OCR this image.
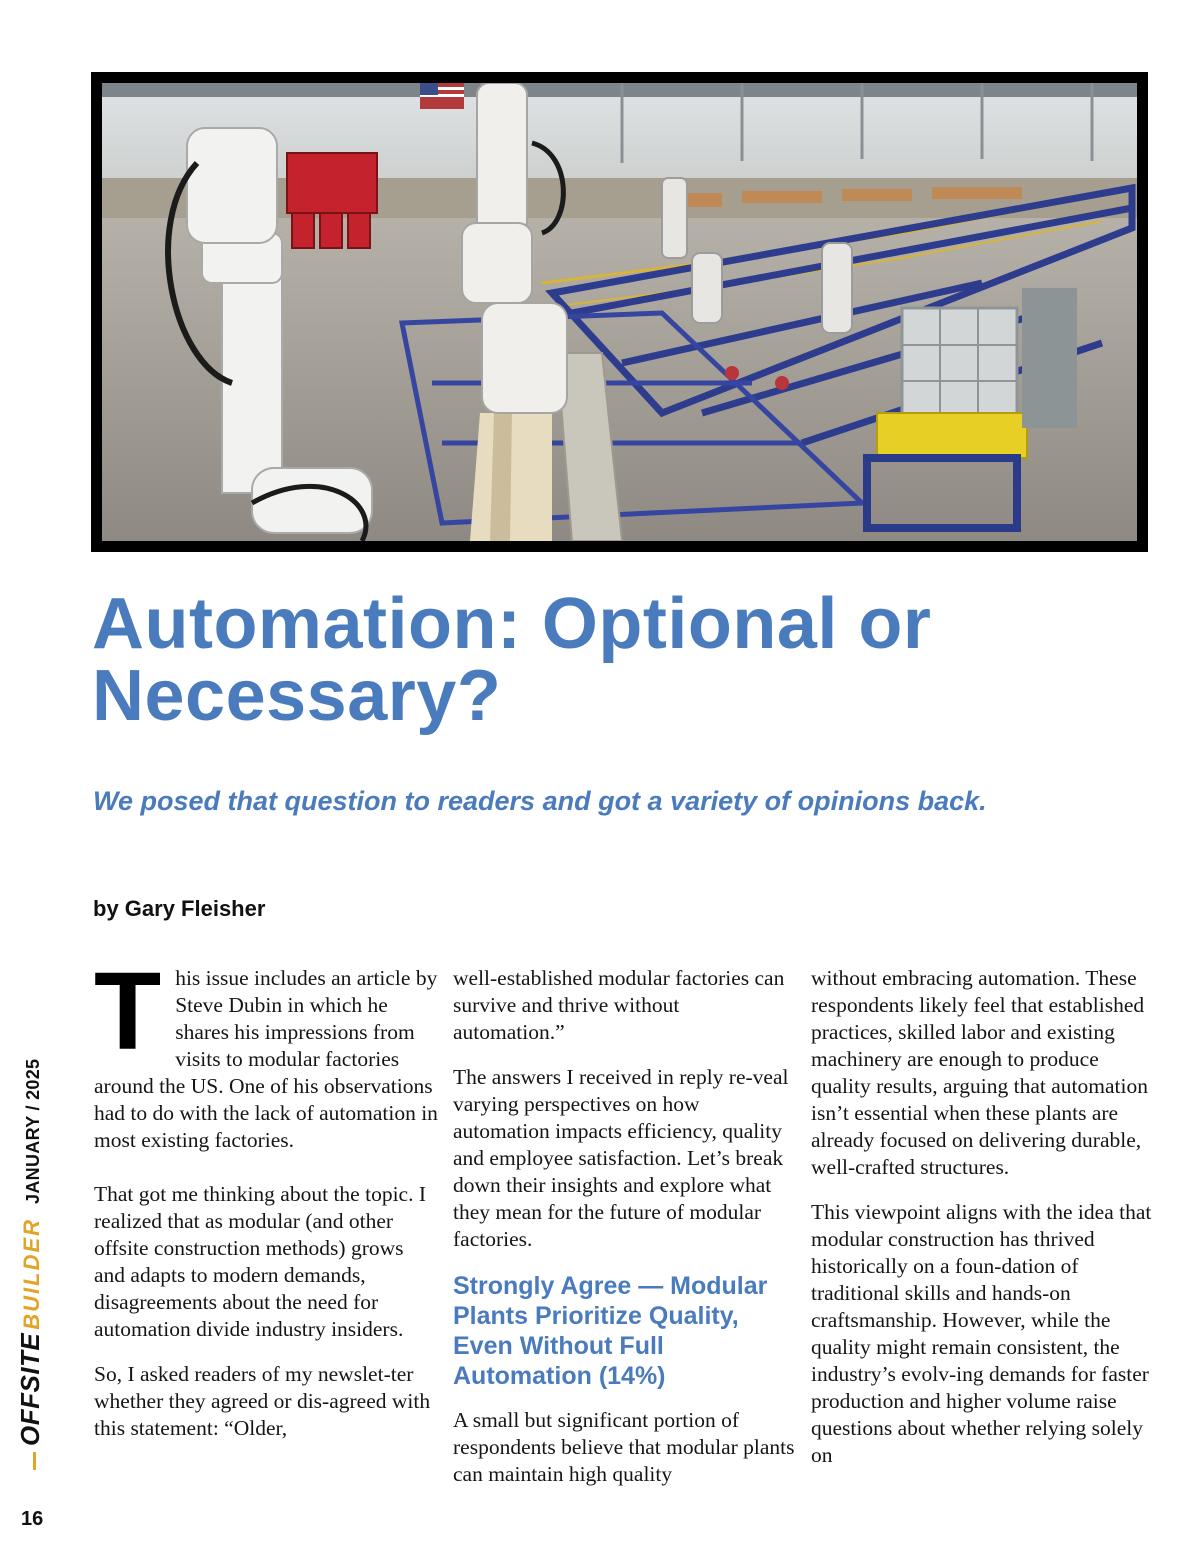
Automation: Optional or Necessary?

We posed that question to readers and got a variety of opinions back.

by Gary Fleisher

This issue includes an article by Steve Dubin in which he shares his impressions from visits to modular factories around the US. One of his observations had to do with the lack of automation in most existing factories.

That got me thinking about the topic. I realized that as modular (and other offsite construction methods) grows and adapts to modern demands, disagreements about the need for automation divide industry insiders.

So, I asked readers of my newslet-ter whether they agreed or dis-agreed with this statement: “Older,

well-established modular factories can survive and thrive without automation.”

The answers I received in reply re-veal varying perspectives on how automation impacts efficiency, quality and employee satisfaction. Let’s break down their insights and explore what they mean for the future of modular factories.

Strongly Agree — Modular Plants Prioritize Quality, Even Without Full Automation (14%)

A small but significant portion of respondents believe that modular plants can maintain high quality

without embracing automation. These respondents likely feel that established practices, skilled labor and existing machinery are enough to produce quality results, arguing that automation isn’t essential when these plants are already focused on delivering durable, well-crafted structures.

This viewpoint aligns with the idea that modular construction has thrived historically on a foun-dation of traditional skills and hands-on craftsmanship. However, while the quality might remain consistent, the industry’s evolv-ing demands for faster production and higher volume raise questions about whether relying solely on

OFFSITEBUILDERJANUARY / 2025
16
